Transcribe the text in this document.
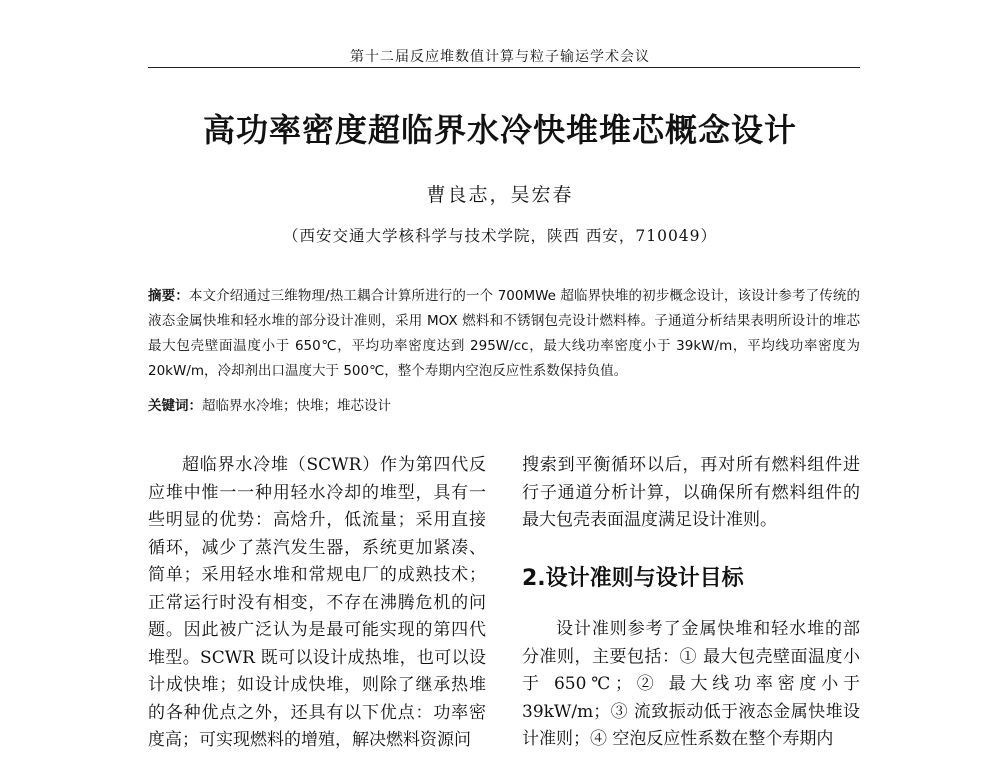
第十二届反应堆数值计算与粒子输运学术会议
高功率密度超临界水冷快堆堆芯概念设计
曹良志，吴宏春
（西安交通大学核科学与技术学院，陕西 西安，710049）
摘要：本文介绍通过三维物理/热工耦合计算所进行的一个 700MWe 超临界快堆的初步概念设计，该设计参考了传统的液态金属快堆和轻水堆的部分设计准则，采用 MOX 燃料和不锈钢包壳设计燃料棒。子通道分析结果表明所设计的堆芯最大包壳壁面温度小于 650℃，平均功率密度达到 295W/cc，最大线功率密度小于 39kW/m，平均线功率密度为 20kW/m，冷却剂出口温度大于 500℃，整个寿期内空泡反应性系数保持负值。
关键词：超临界水冷堆；快堆；堆芯设计

超临界水冷堆（SCWR）作为第四代反应堆中惟一一种用轻水冷却的堆型，具有一些明显的优势：高焓升，低流量；采用直接循环，减少了蒸汽发生器，系统更加紧凑、简单；采用轻水堆和常规电厂的成熟技术；正常运行时没有相变，不存在沸腾危机的问题。因此被广泛认为是最可能实现的第四代堆型。SCWR 既可以设计成热堆，也可以设计成快堆；如设计成快堆，则除了继承热堆的各种优点之外，还具有以下优点：功率密度高；可实现燃料的增殖，解决燃料资源问

搜索到平衡循环以后，再对所有燃料组件进行子通道分析计算，以确保所有燃料组件的最大包壳表面温度满足设计准则。

2.设计准则与设计目标

设计准则参考了金属快堆和轻水堆的部分准则，主要包括：① 最大包壳壁面温度小于 650℃；② 最大线功率密度小于 39kW/m；③ 流致振动低于液态金属快堆设计准则；④ 空泡反应性系数在整个寿期内
